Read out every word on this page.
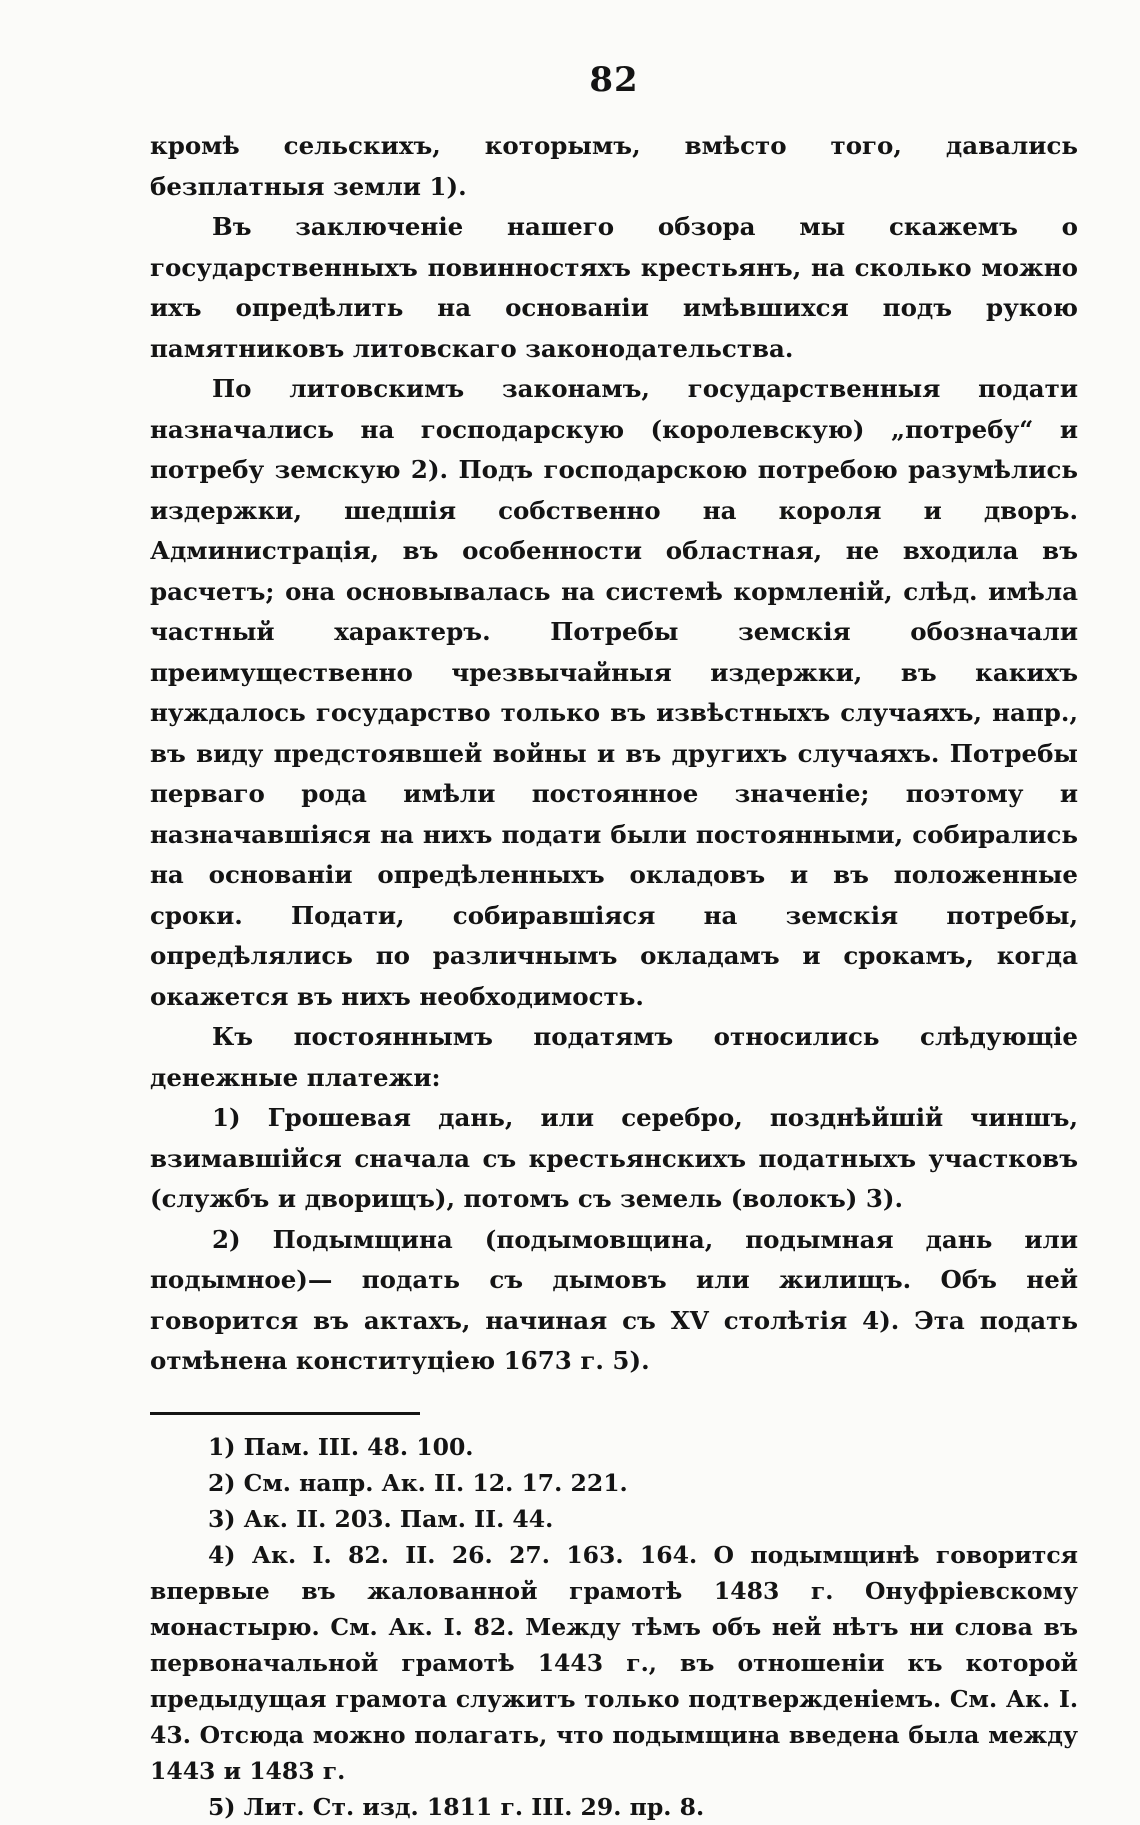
82

кромѣ сельскихъ, которымъ, вмѣсто того, давались безплатныя земли 1).

Въ заключеніе нашего обзора мы скажемъ о государственныхъ повинностяхъ крестьянъ, на сколько можно ихъ опредѣлить на основаніи имѣвшихся подъ рукою памятниковъ литовскаго законодательства.

По литовскимъ законамъ, государственныя подати назначались на господарскую (королевскую) „потребу“ и потребу земскую 2). Подъ господарскою потребою разумѣлись издержки, шедшія собственно на короля и дворъ. Администрація, въ особенности областная, не входила въ расчетъ; она основывалась на системѣ кормленій, слѣд. имѣла частный характеръ. Потребы земскія обозначали преимущественно чрезвычайныя издержки, въ какихъ нуждалось государство только въ извѣстныхъ случаяхъ, напр., въ виду предстоявшей войны и въ другихъ случаяхъ. Потребы перваго рода имѣли постоянное значеніе; поэтому и назначавшіяся на нихъ подати были постоянными, собирались на основаніи опредѣленныхъ окладовъ и въ положенные сроки. Подати, собиравшіяся на земскія потребы, опредѣлялись по различнымъ окладамъ и срокамъ, когда окажется въ нихъ необходимость.

Къ постояннымъ податямъ относились слѣдующіе денежные платежи:

1) Грошевая дань, или серебро, позднѣйшій чиншъ, взимавшійся сначала съ крестьянскихъ податныхъ участковъ (службъ и дворищъ), потомъ съ земель (волокъ) 3).

2) Подымщина (подымовщина, подымная дань или подымное)— подать съ дымовъ или жилищъ. Объ ней говорится въ актахъ, начиная съ XV столѣтія 4). Эта подать отмѣнена конституціею 1673 г. 5).

1) Пам. III. 48. 100.

2) См. напр. Ак. II. 12. 17. 221.

3) Ак. II. 203. Пам. II. 44.

4) Ак. I. 82. II. 26. 27. 163. 164. О подымщинѣ говорится впервые въ жалованной грамотѣ 1483 г. Онуфріевскому монастырю. См. Ак. I. 82. Между тѣмъ объ ней нѣтъ ни слова въ первоначальной грамотѣ 1443 г., въ отношеніи къ которой предыдущая грамота служитъ только подтвержденіемъ. См. Ак. I. 43. Отсюда можно полагать, что подымщина введена была между 1443 и 1483 г.

5) Лит. Ст. изд. 1811 г. III. 29. пр. 8.
